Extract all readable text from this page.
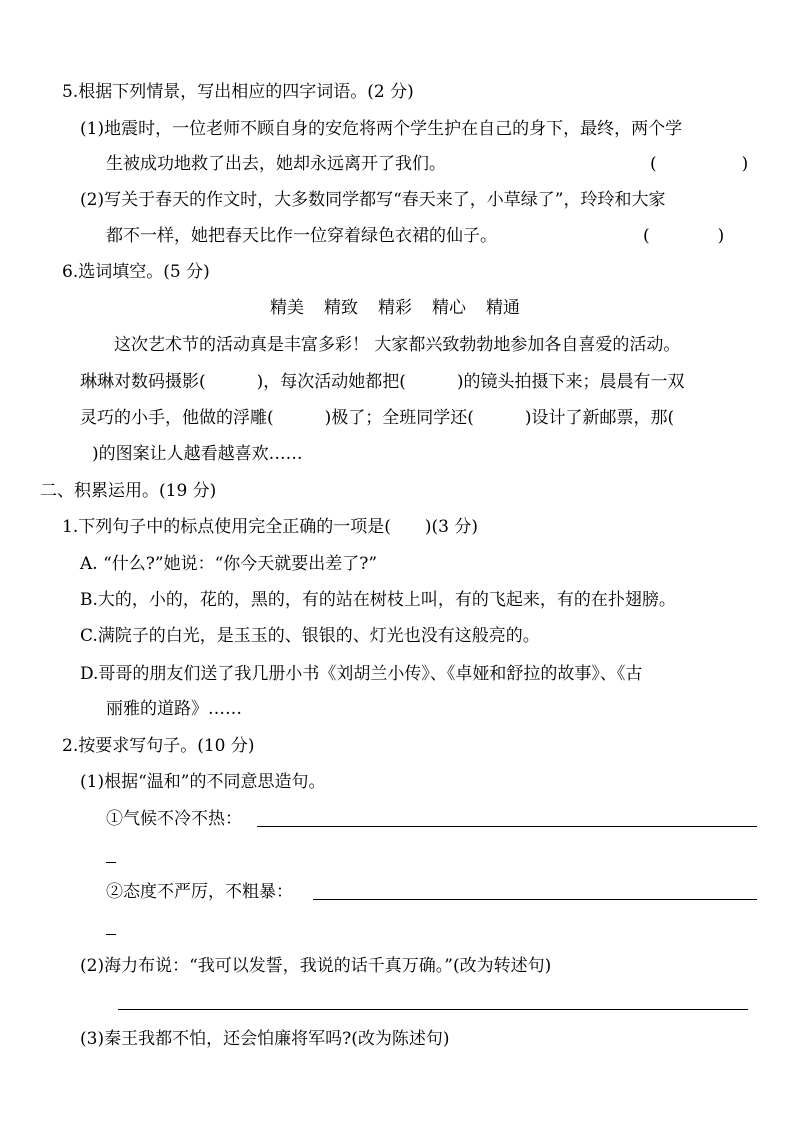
5.根据下列情景，写出相应的四字词语。(2 分)
(1)地震时，一位老师不顾自身的安危将两个学生护在自己的身下，最终，两个学
生被成功地救了出去，她却永远离开了我们。	(　　　　　)
(2)写关于春天的作文时，大多数同学都写“春天来了，小草绿了”，玲玲和大家
都不一样，她把春天比作一位穿着绿色衣裙的仙子。	(　　　　)
6.选词填空。(5 分)
精美 精致 精彩 精心 精通
这次艺术节的活动真是丰富多彩！ 大家都兴致勃勃地参加各自喜爱的活动。
琳琳对数码摄影(　　　)，每次活动她都把(　　　)的镜头拍摄下来；晨晨有一双
灵巧的小手，他做的浮雕(　　　)极了；全班同学还(　　　)设计了新邮票，那(
)的图案让人越看越喜欢……
二、积累运用。(19 分)
1.下列句子中的标点使用完全正确的一项是(　　)(3 分)
A. “什么?”她说：“你今天就要出差了?”
B.大的，小的，花的，黑的，有的站在树枝上叫，有的飞起来，有的在扑翅膀。
C.满院子的白光，是玉玉的、银银的、灯光也没有这般亮的。
D.哥哥的朋友们送了我几册小书《刘胡兰小传》、《卓娅和舒拉的故事》、《古
丽雅的道路》……
2.按要求写句子。(10 分)
(1)根据“温和”的不同意思造句。
①气候不冷不热：
②态度不严厉，不粗暴：
(2)海力布说：“我可以发誓，我说的话千真万确。”(改为转述句)
(3)秦王我都不怕，还会怕廉将军吗?(改为陈述句)
